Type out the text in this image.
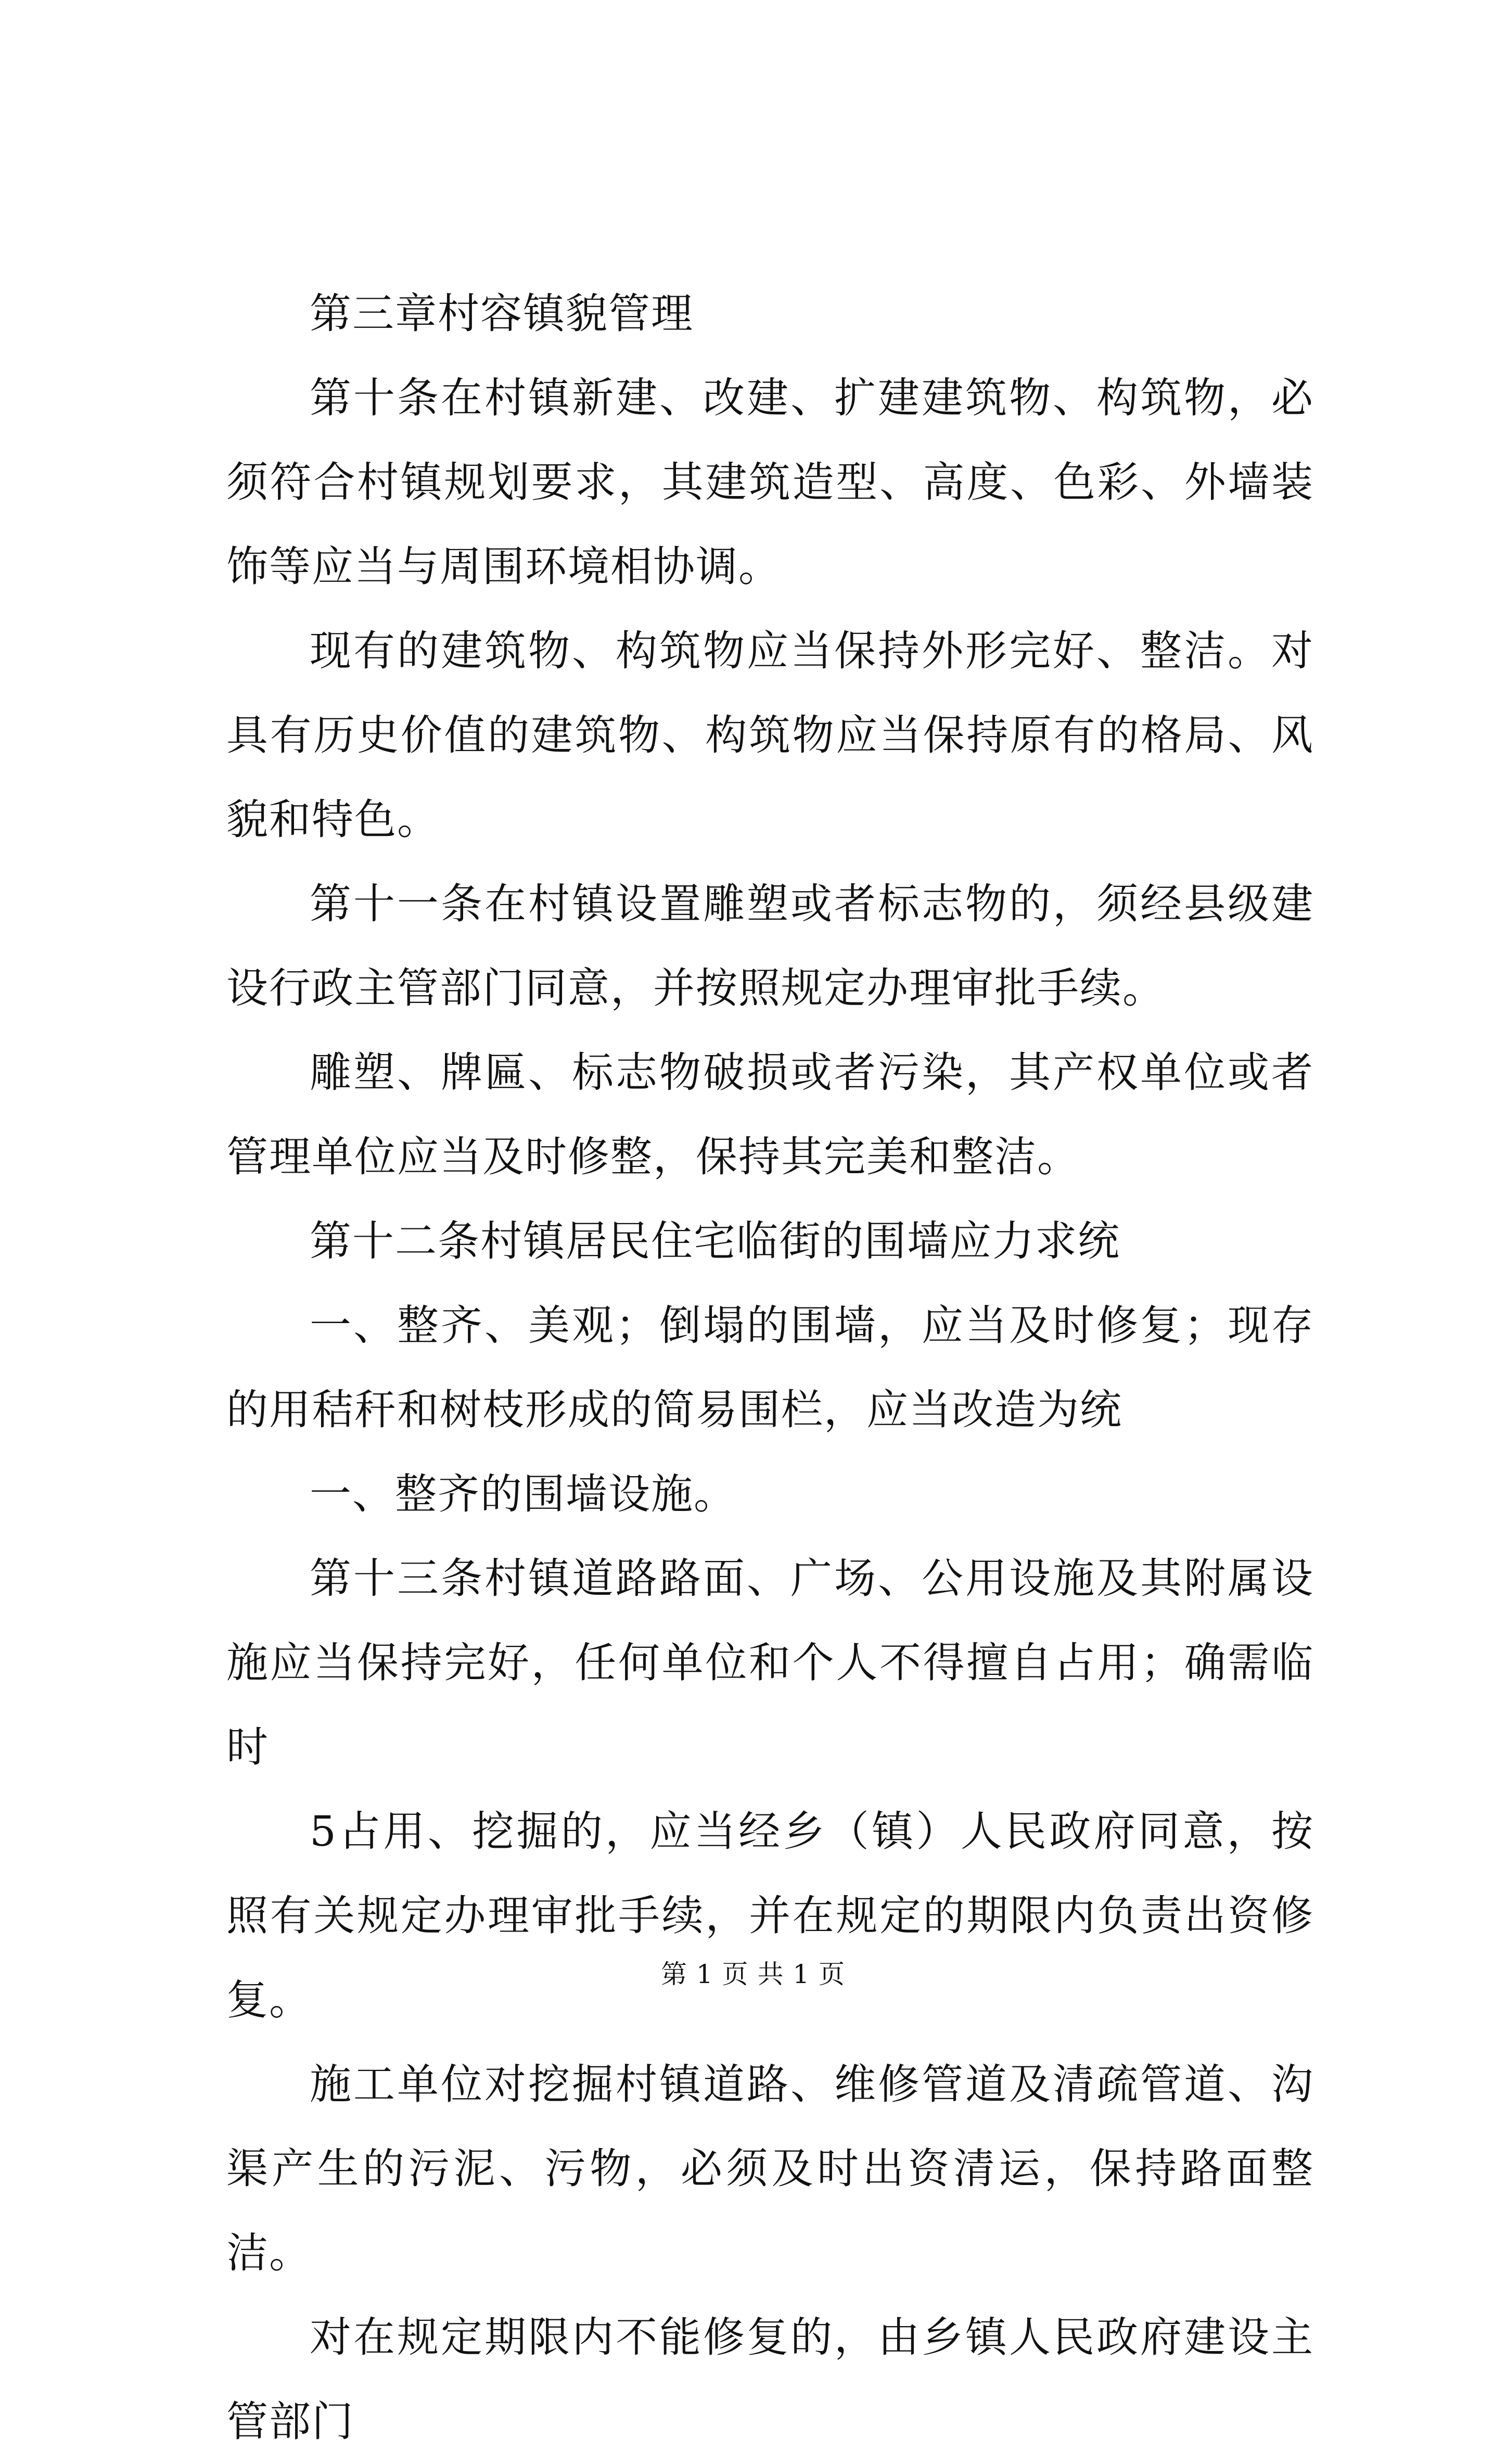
第三章村容镇貌管理

第十条在村镇新建、改建、扩建建筑物、构筑物，必须符合村镇规划要求，其建筑造型、高度、色彩、外墙装饰等应当与周围环境相协调。

现有的建筑物、构筑物应当保持外形完好、整洁。对具有历史价值的建筑物、构筑物应当保持原有的格局、风貌和特色。

第十一条在村镇设置雕塑或者标志物的，须经县级建设行政主管部门同意，并按照规定办理审批手续。

雕塑、牌匾、标志物破损或者污染，其产权单位或者管理单位应当及时修整，保持其完美和整洁。

第十二条村镇居民住宅临街的围墙应力求统

一、整齐、美观；倒塌的围墙，应当及时修复；现存的用秸秆和树枝形成的简易围栏，应当改造为统

一、整齐的围墙设施。

第十三条村镇道路路面、广场、公用设施及其附属设施应当保持完好，任何单位和个人不得擅自占用；确需临时

5占用、挖掘的，应当经乡（镇）人民政府同意，按照有关规定办理审批手续，并在规定的期限内负责出资修复。

施工单位对挖掘村镇道路、维修管道及清疏管道、沟渠产生的污泥、污物，必须及时出资清运，保持路面整洁。

对在规定期限内不能修复的，由乡镇人民政府建设主管部门

第 1 页 共 1 页
